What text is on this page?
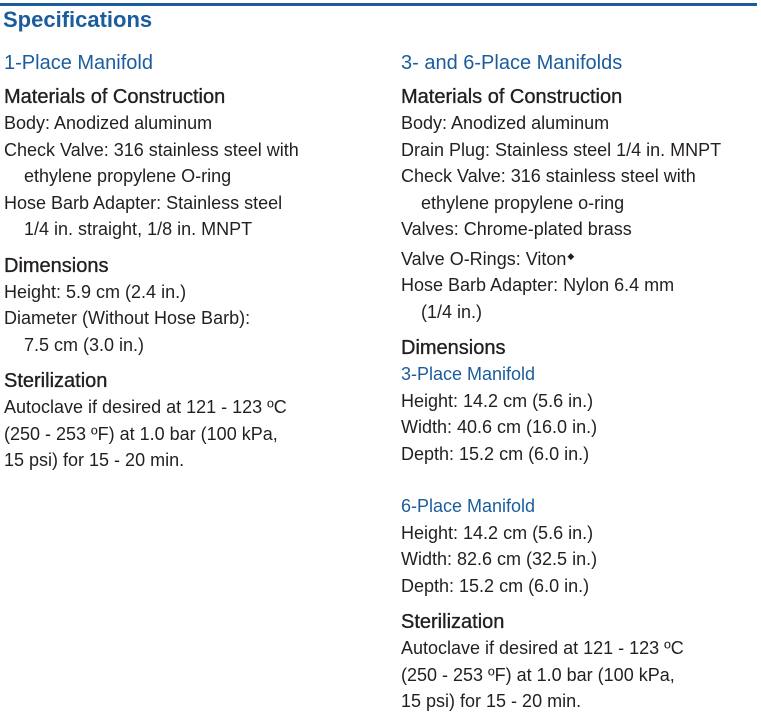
Specifications

1-Place Manifold

Materials of Construction

Body: Anodized aluminum

Check Valve: 316 stainless steel with

ethylene propylene O-ring

Hose Barb Adapter: Stainless steel

1/4 in. straight, 1/8 in. MNPT

Dimensions

Height: 5.9 cm (2.4 in.)

Diameter (Without Hose Barb):

7.5 cm (3.0 in.)

Sterilization

Autoclave if desired at 121 - 123 ºC

(250 - 253 ºF) at 1.0 bar (100 kPa,

15 psi) for 15 - 20 min.

3- and 6-Place Manifolds

Materials of Construction

Body: Anodized aluminum

Drain Plug: Stainless steel 1/4 in. MNPT

Check Valve: 316 stainless steel with

ethylene propylene o-ring

Valves: Chrome-plated brass

Valve O-Rings: Viton◆

Hose Barb Adapter: Nylon 6.4 mm

(1/4 in.)

Dimensions

3-Place Manifold

Height: 14.2 cm (5.6 in.)

Width: 40.6 cm (16.0 in.)

Depth: 15.2 cm (6.0 in.)

6-Place Manifold

Height: 14.2 cm (5.6 in.)

Width: 82.6 cm (32.5 in.)

Depth: 15.2 cm (6.0 in.)

Sterilization

Autoclave if desired at 121 - 123 ºC

(250 - 253 ºF) at 1.0 bar (100 kPa,

15 psi) for 15 - 20 min.
